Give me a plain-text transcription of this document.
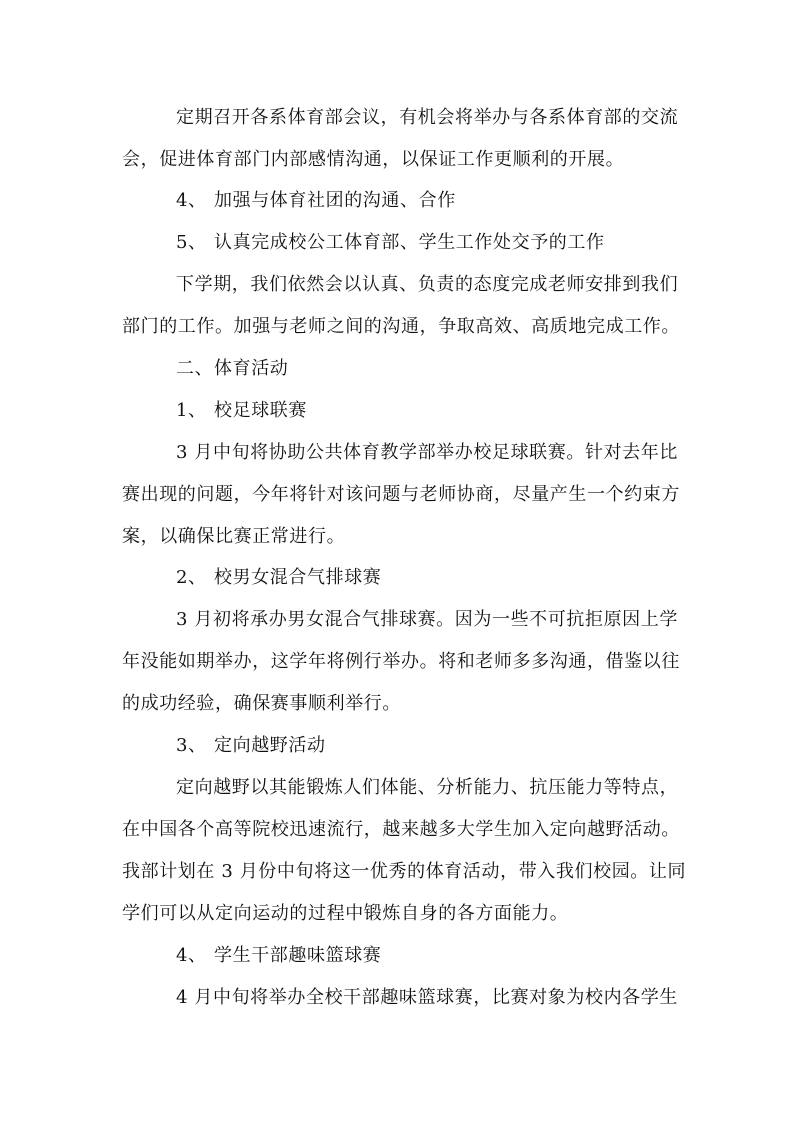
定期召开各系体育部会议，有机会将举办与各系体育部的交流
会，促进体育部门内部感情沟通，以保证工作更顺利的开展。
4、 加强与体育社团的沟通、合作
5、 认真完成校公工体育部、学生工作处交予的工作
下学期，我们依然会以认真、负责的态度完成老师安排到我们
部门的工作。加强与老师之间的沟通，争取高效、高质地完成工作。
二、体育活动
1、 校足球联赛
3 月中旬将协助公共体育教学部举办校足球联赛。针对去年比
赛出现的问题，今年将针对该问题与老师协商，尽量产生一个约束方
案，以确保比赛正常进行。
2、 校男女混合气排球赛
3 月初将承办男女混合气排球赛。因为一些不可抗拒原因上学
年没能如期举办，这学年将例行举办。将和老师多多沟通，借鉴以往
的成功经验，确保赛事顺利举行。
3、 定向越野活动
定向越野以其能锻炼人们体能、分析能力、抗压能力等特点，
在中国各个高等院校迅速流行，越来越多大学生加入定向越野活动。
我部计划在 3 月份中旬将这一优秀的体育活动，带入我们校园。让同
学们可以从定向运动的过程中锻炼自身的各方面能力。
4、 学生干部趣味篮球赛
4 月中旬将举办全校干部趣味篮球赛，比赛对象为校内各学生
